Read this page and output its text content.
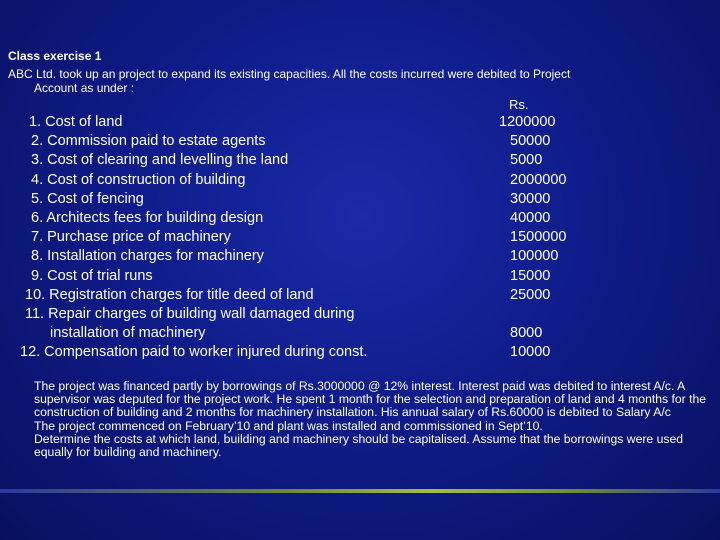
Class exercise 1
ABC Ltd. took up an project to expand its existing capacities. All the costs incurred were debited to Project
Account as under :
Rs.
1. Cost of land	1200000
2. Commission paid to estate agents	50000
3. Cost of clearing and levelling the land	5000
4. Cost of construction of building	2000000
5. Cost of fencing	30000
6. Architects fees for building design	40000
7. Purchase price of machinery	1500000
8. Installation charges for machinery	100000
9. Cost of trial runs	15000
10. Registration charges for title deed of land	25000
11. Repair charges of building wall damaged during
installation of machinery	8000
12. Compensation paid to worker injured during const.	10000

The project was financed partly by borrowings of Rs.3000000 @ 12% interest. Interest paid was debited to interest A/c. A supervisor was deputed for the project work. He spent 1 month for the selection and preparation of land and 4 months for the construction of building and 2 months for machinery installation. His annual salary of Rs.60000 is debited to Salary A/c

The project commenced on February’10 and plant was installed and commissioned in Sept’10.

Determine the costs at which land, building and machinery should be capitalised. Assume that the borrowings were used equally for building and machinery.
